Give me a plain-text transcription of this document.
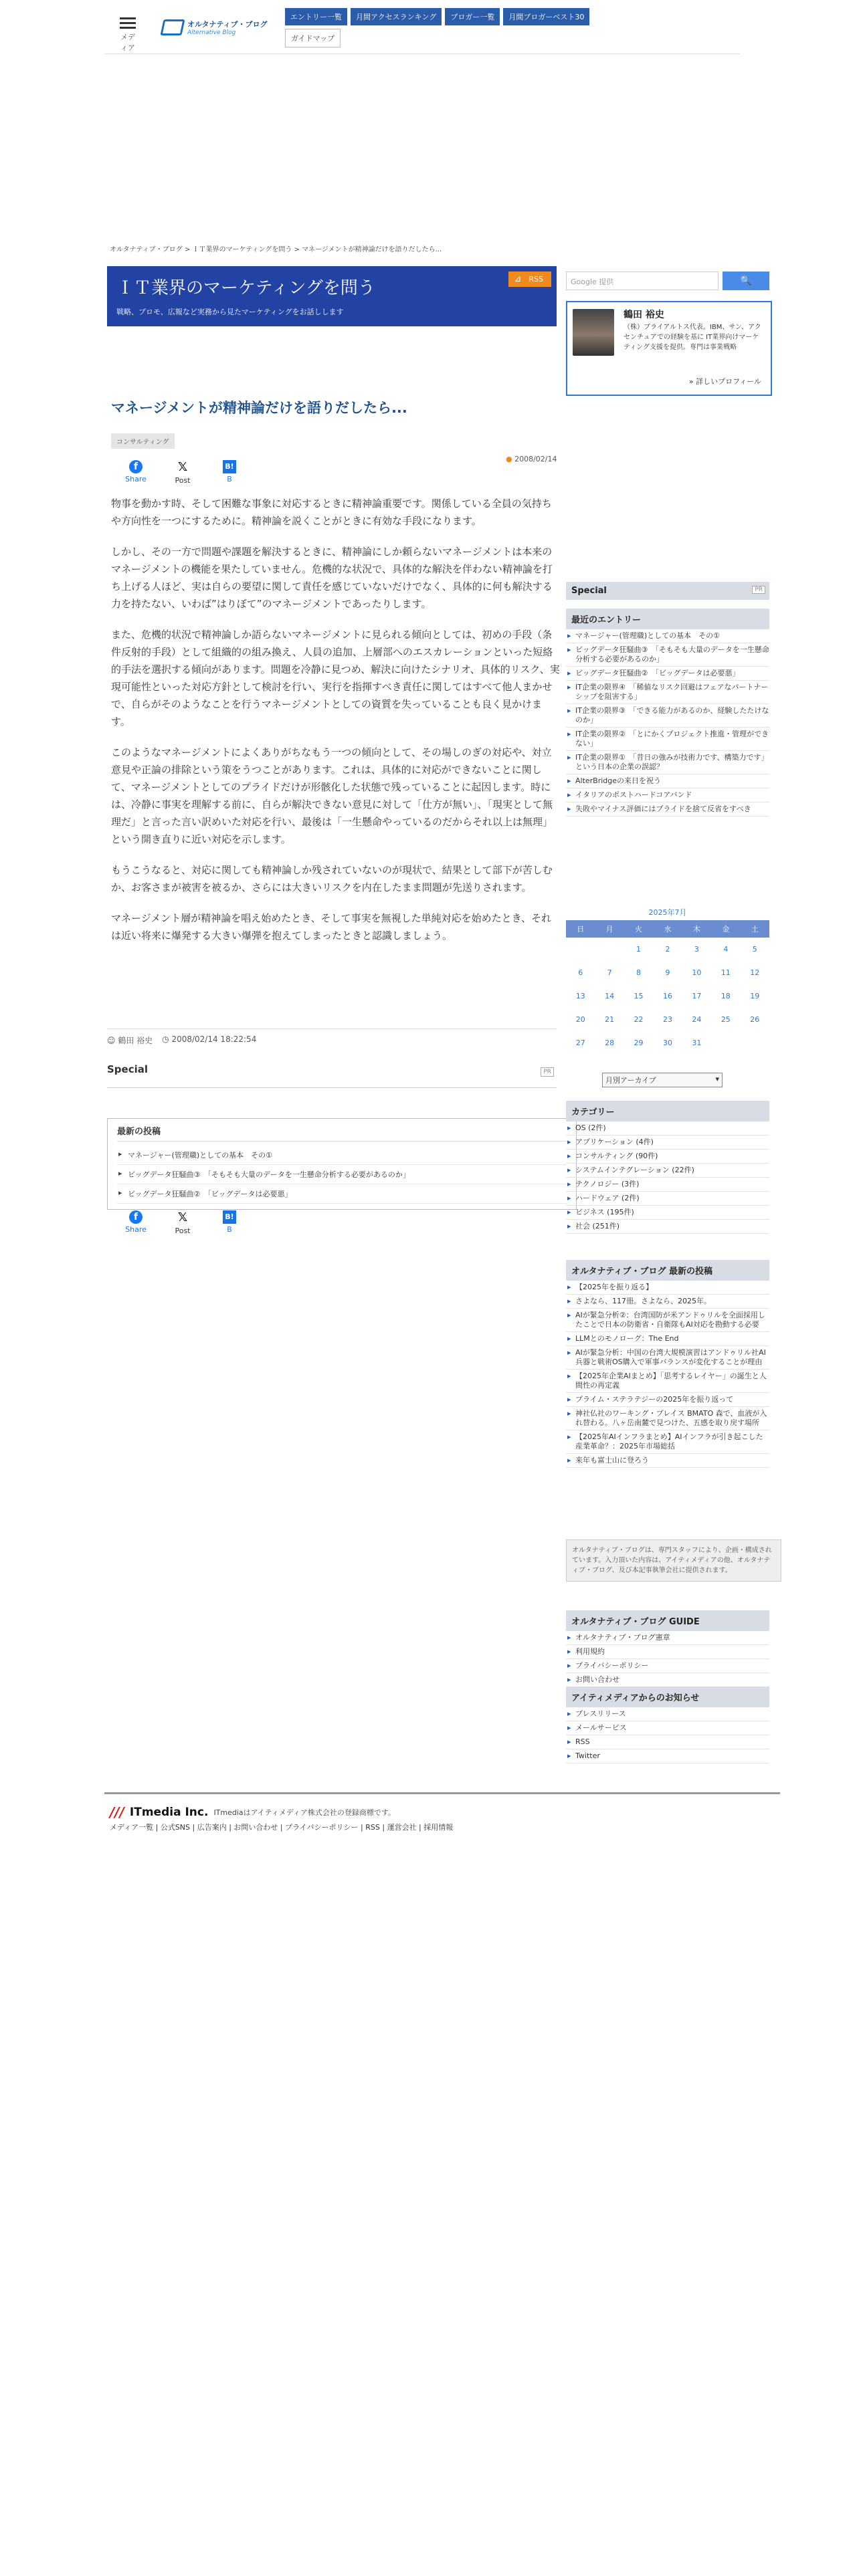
メディア
オルタナティブ・ブログ
Alternative Blog
エントリー一覧	月間アクセスランキング	ブロガー一覧	月間ブロガーベスト30
ガイドマップ
オルタナティブ・ブログ > ＩＴ業界のマーケティングを問う > マネージメントが精神論だけを語りだしたら...
ＩＴ業界のマーケティングを問う
戦略、プロモ、広報など実務から見たマーケティングをお話しします
⊿ RSS
マネージメントが精神論だけを語りだしたら...
コンサルティング
f
Share
𝕏
Post
B!
B
● 2008/02/14

物事を動かす時、そして困難な事象に対応するときに精神論重要です。関係している全員の気持ちや方向性を一つにするために。精神論を説くことがときに有効な手段になります。

しかし、その一方で問題や課題を解決するときに、精神論にしか頼らないマネージメントは本来のマネージメントの機能を果たしていません。危機的な状況で、具体的な解決を伴わない精神論を打ち上げる人ほど、実は自らの要望に関して責任を感じていないだけでなく、具体的に何も解決する力を持たない、いわば”はりぼて”のマネージメントであったりします。

また、危機的状況で精神論しか語らないマネージメントに見られる傾向としては、初めの手段（条件反射的手段）として組織的の組み換え、人員の追加、上層部へのエスカレーションといった短絡的手法を選択する傾向があります。問題を冷静に見つめ、解決に向けたシナリオ、具体的リスク、実現可能性といった対応方針として検討を行い、実行を指揮すべき責任に関してはすべて他人まかせで、自らがそのようなことを行うマネージメントとしての資質を失っていることも良く見かけます。

このようなマネージメントによくありがちなもう一つの傾向として、その場しのぎの対応や、対立意見や正論の排除という策をうつことがあります。これは、具体的に対応ができないことに関して、マネージメントとしてのプライドだけが形骸化した状態で残っていることに起因します。時には、冷静に事実を理解する前に、自らが解決できない意見に対して「仕方が無い」、「現実として無理だ」と言った言い訳めいた対応を行い、最後は「一生懸命やっているのだからそれ以上は無理」という開き直りに近い対応を示します。

もうこうなると、対応に関しても精神論しか残されていないのが現状で、結果として部下が苦しむか、お客さまが被害を被るか、さらには大きいリスクを内在したまま問題が先送りされます。

マネージメント層が精神論を唱え始めたとき、そして事実を無視した単純対応を始めたとき、それは近い将来に爆発する大きい爆弾を抱えてしまったときと認識しましょう。

☺ 鶴田 裕史 ◷ 2008/02/14 18:22:54
Special	PR
最新の投稿
▸ マネージャー(管理職)としての基本　その①
▸ ビッグデータ狂騒曲③　「そもそも大量のデータを一生懸命分析する必要があるのか」
▸ ビッグデータ狂騒曲②　「ビッグデータは必要悪」
f
Share
𝕏
Post
B!
B
Google 提供	🔍
鶴田 裕史
（株）ブライアルトス代表。IBM、サン、アクセンチュアでの経験を基に IT業界向けマーケティング支援を提供。専門は事業戦略
» 詳しいプロフィール
Special	PR
最近のエントリー
▸ マネージャー(管理職)としての基本　その①
▸ ビッグデータ狂騒曲③　「そもそも大量のデータを一生懸命分析する必要があるのか」
▸ ビッグデータ狂騒曲②　「ビッグデータは必要悪」
▸ IT企業の限界④　「稀値なリスク回避はフェアなパートナーシップを阻害する」
▸ IT企業の限界③　「できる能力があるのか、経験したたけなのか」
▸ IT企業の限界②　「とにかくプロジェクト推進・管理ができない」
▸ IT企業の限界①　「昔日の強みが技術力です、構築力です」という日本の企業の誤認？
▸ AlterBridgeの来日を祝う
▸ イタリアのポストハードコアバンド
▸ 失敗やマイナス評価にはプライドを捨て反省をすべき
2025年7月
日	月	火	水	木	金	土
		1	2	3	4	5
6	7	8	9	10	11	12
13	14	15	16	17	18	19
20	21	22	23	24	25	26
27	28	29	30	31		
月別アーカイブ	▾
カテゴリー
▸ OS (2件)
▸ アプリケーション (4件)
▸ コンサルティング (90件)
▸ システムインテグレーション (22件)
▸ テクノロジー (3件)
▸ ハードウェア (2件)
▸ ビジネス (195件)
▸ 社会 (251件)
オルタナティブ・ブログ 最新の投稿
▸ 【2025年を振り返る】
▸ さよなら、117冊。さよなら、2025年。
▸ AIが緊急分析②：台湾国防が米アンドゥリルを全面採用したことで日本の防衛省・自衛隊もAI対応を勘動する必要
▸ LLMとのモノローグ：The End
▸ AIが緊急分析：中国の台湾大規模演習はアンドゥリル社AI兵器と戦術OS購入で軍事バランスが変化することが理由
▸ 【2025年企業AIまとめ】「思考するレイヤー」の誕生と人間性の再定義
▸ プライム・ステラテジーの2025年を振り返って
▸ 神社仏社のワーキング・プレイス BMATO 森で、血液が入れ替わる。八ヶ岳南麓で見つけた、五感を取り戻す場所
▸ 【2025年AIインフラまとめ】AIインフラが引き起こした産業革命？：2025年市場総括
▸ 来年も富士山に登ろう
オルタナティブ・ブログは、専門スタッフにより、企画・構成されています。入力頂いた内容は、アイティメディアの他、オルタナティブ・ブログ、及び本記事執筆会社に提供されます。
オルタナティブ・ブログ GUIDE
▸ オルタナティブ・ブログ憲章
▸ 利用規約
▸ プライバシーポリシー
▸ お問い合わせ
アイティメディアからのお知らせ
▸ プレスリリース
▸ メールサービス
▸ RSS
▸ Twitter
/// ITmedia Inc. ITmediaはアイティメディア株式会社の登録商標です。
メディア一覧 | 公式SNS | 広告案内 | お問い合わせ | プライバシーポリシー | RSS | 運営会社 | 採用情報
